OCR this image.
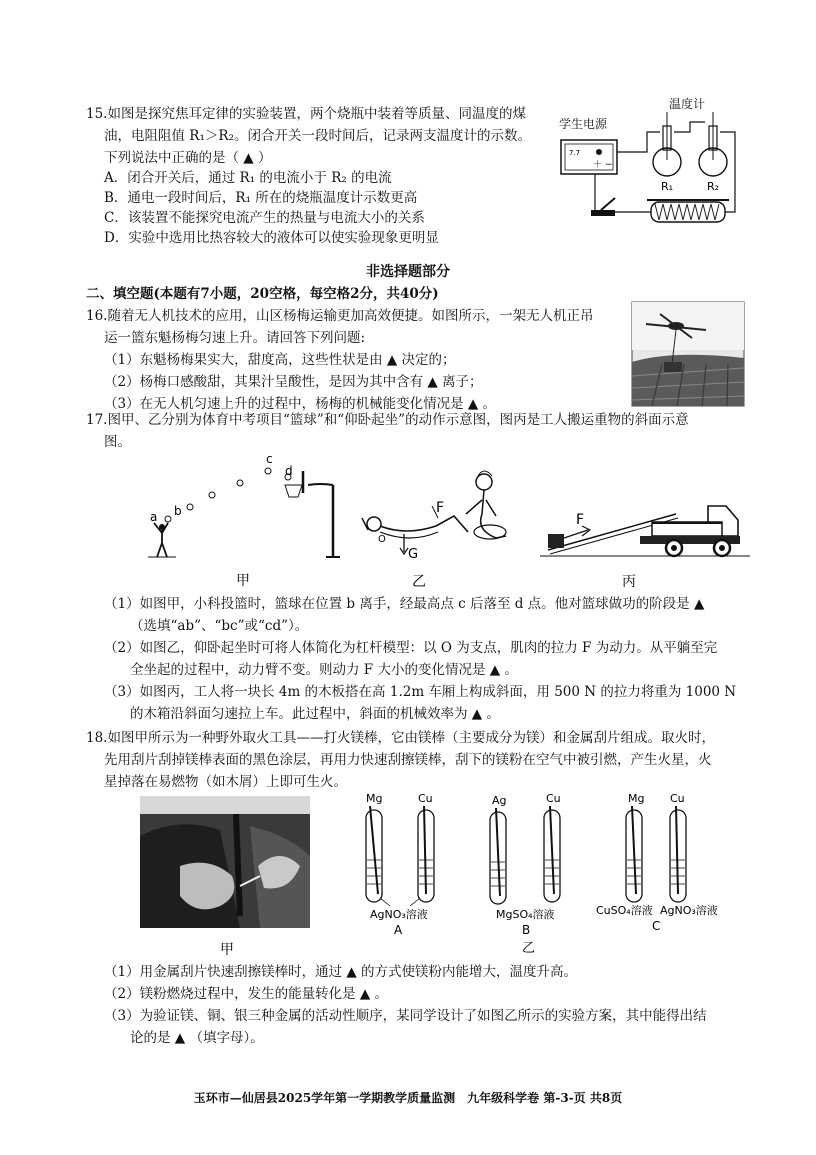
15.如图是探究焦耳定律的实验装置，两个烧瓶中装着等质量、同温度的煤
油，电阻阻值 R₁＞R₂。闭合开关一段时间后，记录两支温度计的示数。
下列说法中正确的是（ ▲ ）
A．闭合开关后，通过 R₁ 的电流小于 R₂ 的电流
B．通电一段时间后，R₁ 所在的烧瓶温度计示数更高
C．该装置不能探究电流产生的热量与电流大小的关系
D．实验中选用比热容较大的液体可以使实验现象更明显
学生电源
温度计
7.7
＋ −
R₁	R₂
非选择题部分
二、填空题(本题有7小题，20空格，每空格2分，共40分)
16.随着无人机技术的应用，山区杨梅运输更加高效便捷。如图所示，一架无人机正吊
运一篮东魁杨梅匀速上升。请回答下列问题:
（1）东魁杨梅果实大，甜度高，这些性状是由 ▲ 决定的；
（2）杨梅口感酸甜，其果汁呈酸性，是因为其中含有 ▲ 离子；
（3）在无人机匀速上升的过程中，杨梅的机械能变化情况是 ▲ 。
17.图甲、乙分别为体育中考项目“篮球”和“仰卧起坐”的动作示意图，图丙是工人搬运重物的斜面示意
图。
a b
c
d
甲
F
O
G
乙
F
丙
（1）如图甲，小科投篮时，篮球在位置 b 离手，经最高点 c 后落至 d 点。他对篮球做功的阶段是 ▲
（选填“ab”、“bc”或“cd”）。
（2）如图乙，仰卧起坐时可将人体简化为杠杆模型：以 O 为支点，肌肉的拉力 F 为动力。从平躺至完
全坐起的过程中，动力臂不变。则动力 F 大小的变化情况是 ▲ 。
（3）如图丙，工人将一块长 4m 的木板搭在高 1.2m 车厢上构成斜面，用 500 N 的拉力将重为 1000 N
的木箱沿斜面匀速拉上车。此过程中，斜面的机械效率为 ▲ 。
18.如图甲所示为一种野外取火工具——打火镁棒，它由镁棒（主要成分为镁）和金属刮片组成。取火时，
先用刮片刮掉镁棒表面的黑色涂层，再用力快速刮擦镁棒，刮下的镁粉在空气中被引燃，产生火星，火
星掉落在易燃物（如木屑）上即可生火。
甲
Mg	Cu
AgNO₃溶液
A
Ag	Cu
MgSO₄溶液
B
乙
Mg Cu
CuSO₄溶液 AgNO₃溶液
C
（1）用金属刮片快速刮擦镁棒时，通过 ▲ 的方式使镁粉内能增大，温度升高。
（2）镁粉燃烧过程中，发生的能量转化是 ▲ 。
（3）为验证镁、铜、银三种金属的活动性顺序，某同学设计了如图乙所示的实验方案，其中能得出结
论的是 ▲ （填字母）。
玉环市—仙居县2025学年第一学期教学质量监测　九年级科学卷 第-3-页 共8页
